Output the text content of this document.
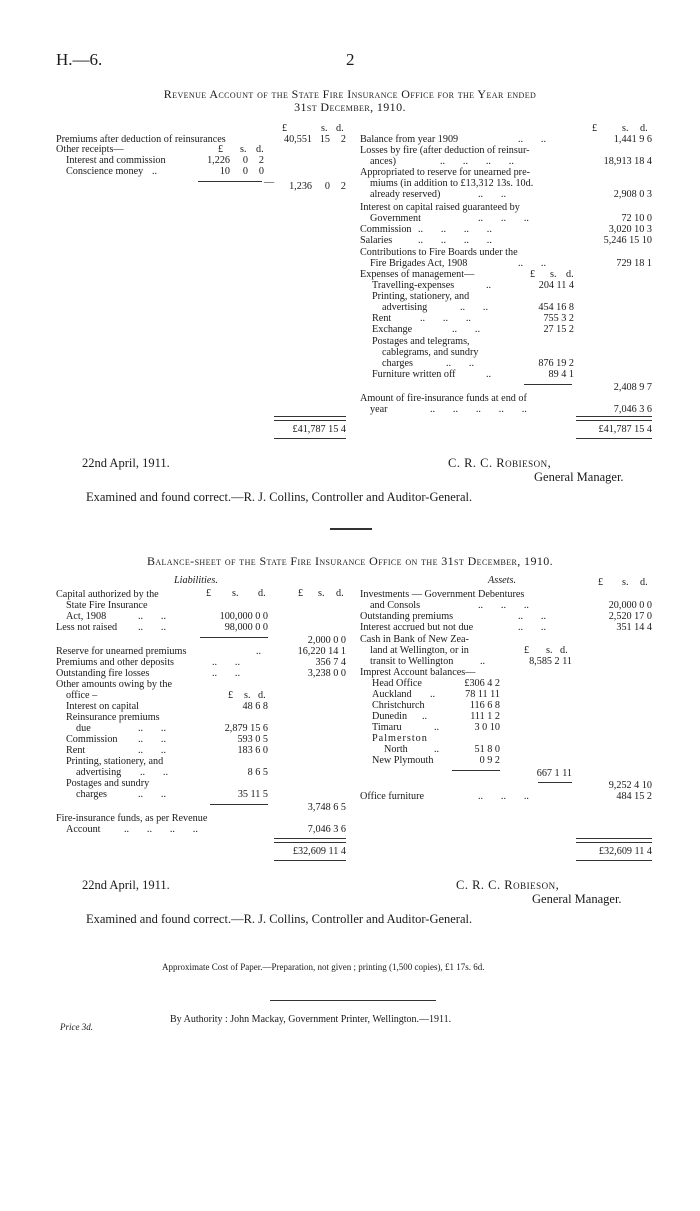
H.—6.	2
Revenue Account of the State Fire Insurance Office for the Year ended
31st December, 1910.
£	s. d.
Premiums after deduction of reinsurances	40,551 15	2
Other receipts—	£ s. d.
Interest and commission	1,226	0	2
Conscience money ..	10	0	0
—	1,236	0	2
£41,787 15 4
£ s. d.
Balance from year 1909	..       ..	1,441 9 6
Losses by fire (after deduction of reinsur-
ances)	..       ..       ..       ..	18,913 18 4
Appropriated to reserve for unearned pre-
miums (in addition to £13,312 13s. 10d.
already reserved)	..       ..	2,908 0 3
Interest on capital raised guaranteed by
Government	..       ..       ..	72 10 0
Commission ..       ..       ..       ..	3,020 10 3
Salaries	..       ..       ..       ..	5,246 15 10
Contributions to Fire Boards under the
Fire Brigades Act, 1908	..       ..	729 18 1
Expenses of management—	£ s. d.
Travelling-expenses	..	204 11 4
Printing, stationery, and
advertising	..       ..	454 16 8
Rent	..       ..       ..	755 3 2
Exchange	..       ..	27 15 2
Postages and telegrams,
cablegrams, and sundry
charges	..       ..	876 19 2
Furniture written off	..	89 4 1
2,408 9 7
Amount of fire-insurance funds at end of
year	..       ..       ..       ..       ..	7,046 3 6
£41,787 15 4
22nd April, 1911.	C. R. C. Robieson,
General Manager.
Examined and found correct.—R. J. Collins, Controller and Auditor-General.
Balance-sheet of the State Fire Insurance Office on the 31st December, 1910.
Liabilities.	Assets.
£ s. d.	£ s. d.
Capital authorized by the
State Fire Insurance
Act, 1908	..       ..	100,000 0 0
Less not raised ..       ..	98,000 0 0
2,000 0 0
Reserve for unearned premiums	..	16,220 14 1
Premiums and other deposits	..       ..	356 7 4
Outstanding fire losses	..       ..	3,238 0 0
Other amounts owing by the
office –	£ s. d.
Interest on capital	48 6 8
Reinsurance premiums
due	..       ..	2,879 15 6
Commission ..       ..	593 0 5
Rent	..       ..	183 6 0
Printing, stationery, and
advertising ..       ..	8 6 5
Postages and sundry
charges	..       ..	35 11 5
3,748 6 5
Fire-insurance funds, as per Revenue
Account ..       ..       ..       ..	7,046 3 6
£32,609 11 4
£ s. d.
Investments — Government Debentures
and Consols	..       ..       ..	20,000 0 0
Outstanding premiums	..       ..	2,520 17 0
Interest accrued but not due	..       ..	351 14 4
Cash in Bank of New Zea-
land at Wellington, or in	£ s. d.
transit to Wellington	..	8,585 2 11
Imprest Account balances—
Head Office	£306 4 2
Auckland ..	78 11 11
Christchurch	116 6 8
Dunedin ..	111 1 2
Timaru	..	3 0 10
Palmerston
North	..	51 8 0
New Plymouth	0 9 2
667 1 11
9,252 4 10
Office furniture	..       ..       ..	484 15 2
£32,609 11 4
22nd April, 1911.	C. R. C. Robieson,
General Manager.
Examined and found correct.—R. J. Collins, Controller and Auditor-General.
Approximate Cost of Paper.—Preparation, not given ; printing (1,500 copies), £1 17s. 6d.
By Authority : John Mackay, Government Printer, Wellington.—1911.
Price 3d.
